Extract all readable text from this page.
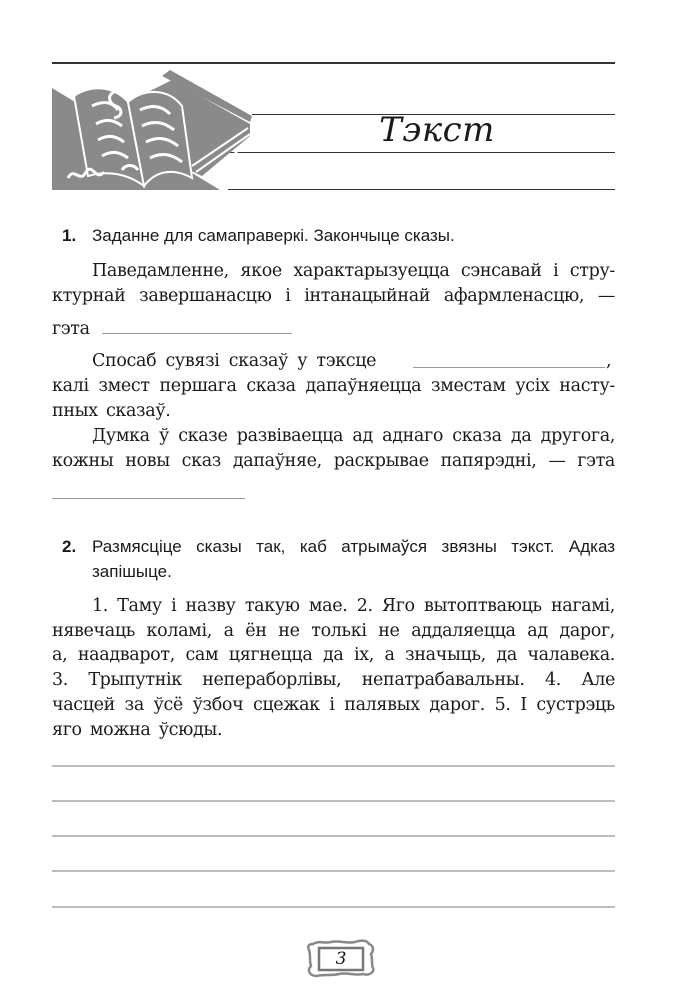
Тэкст
1. Заданне для самаправеркі. Закончыце сказы.
Паведамленне, якое характарызуецца сэнсавай і стру-
ктурнай завершанасцю і інтанацыйнай афармленасцю, —
гэта
Спосаб сувязі сказаў у тэксце	,
калі змест першага сказа дапаўняецца зместам усіх насту-
пных сказаў.
Думка ў сказе развіваецца ад аднаго сказа да другога,
кожны новы сказ дапаўняе, раскрывае папярэдні, — гэта
2. Размясціце сказы так, каб атрымаўся звязны тэкст. Адказ
запішыце.
1. Таму і назву такую мае. 2. Яго вытоптваюць нагамі,
нявечаць коламі, а ён не толькі не аддаляецца ад дарог,
а, наадварот, сам цягнецца да іх, а значыць, да чалавека.
3. Трыпутнік непераборлівы, непатрабавальны. 4. Але
часцей за ўсё ўзбоч сцежак і палявых дарог. 5. І сустрэць
яго можна ўсюды.
3
